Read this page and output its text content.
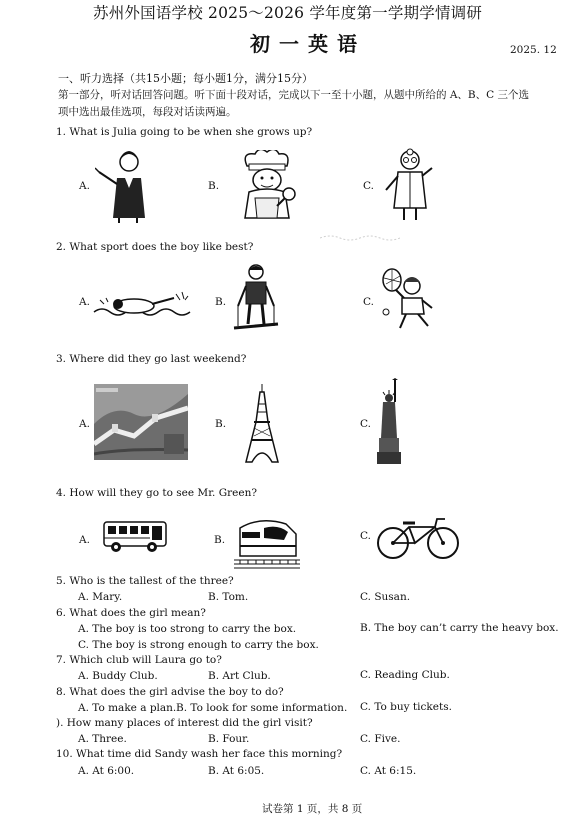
苏州外国语学校 2025～2026 学年度第一学期学情调研
初一英语	2025. 12
一、听力选择（共15小题；每小题1分，满分15分）
第一部分，听对话回答问题。听下面十段对话，完成以下一至十小题，从题中所给的 A、B、C 三个选
项中选出最佳选项，每段对话读两遍。
1. What is Julia going to be when she grows up?
A.	B.	C.
2. What sport does the boy like best?
A.	B.	C.
3. Where did they go last weekend?
A.	B.	C.
4. How will they go to see Mr. Green?
A.	B.	C.
5. Who is the tallest of the three?
A. Mary.	B. Tom.	C. Susan.
6. What does the girl mean?
A. The boy is too strong to carry the box.	B. The boy can’t carry the heavy box.
C. The boy is strong enough to carry the box.
7. Which club will Laura go to?
A. Buddy Club.	B. Art Club.	C. Reading Club.
8. What does the girl advise the boy to do?
A. To make a plan. B. To look for some information. C. To buy tickets.
). How many places of interest did the girl visit?
A. Three.	B. Four.	C. Five.
10. What time did Sandy wash her face this morning?
A. At 6:00.	B. At 6:05.	C. At 6:15.
试卷第 1 页，共 8 页
